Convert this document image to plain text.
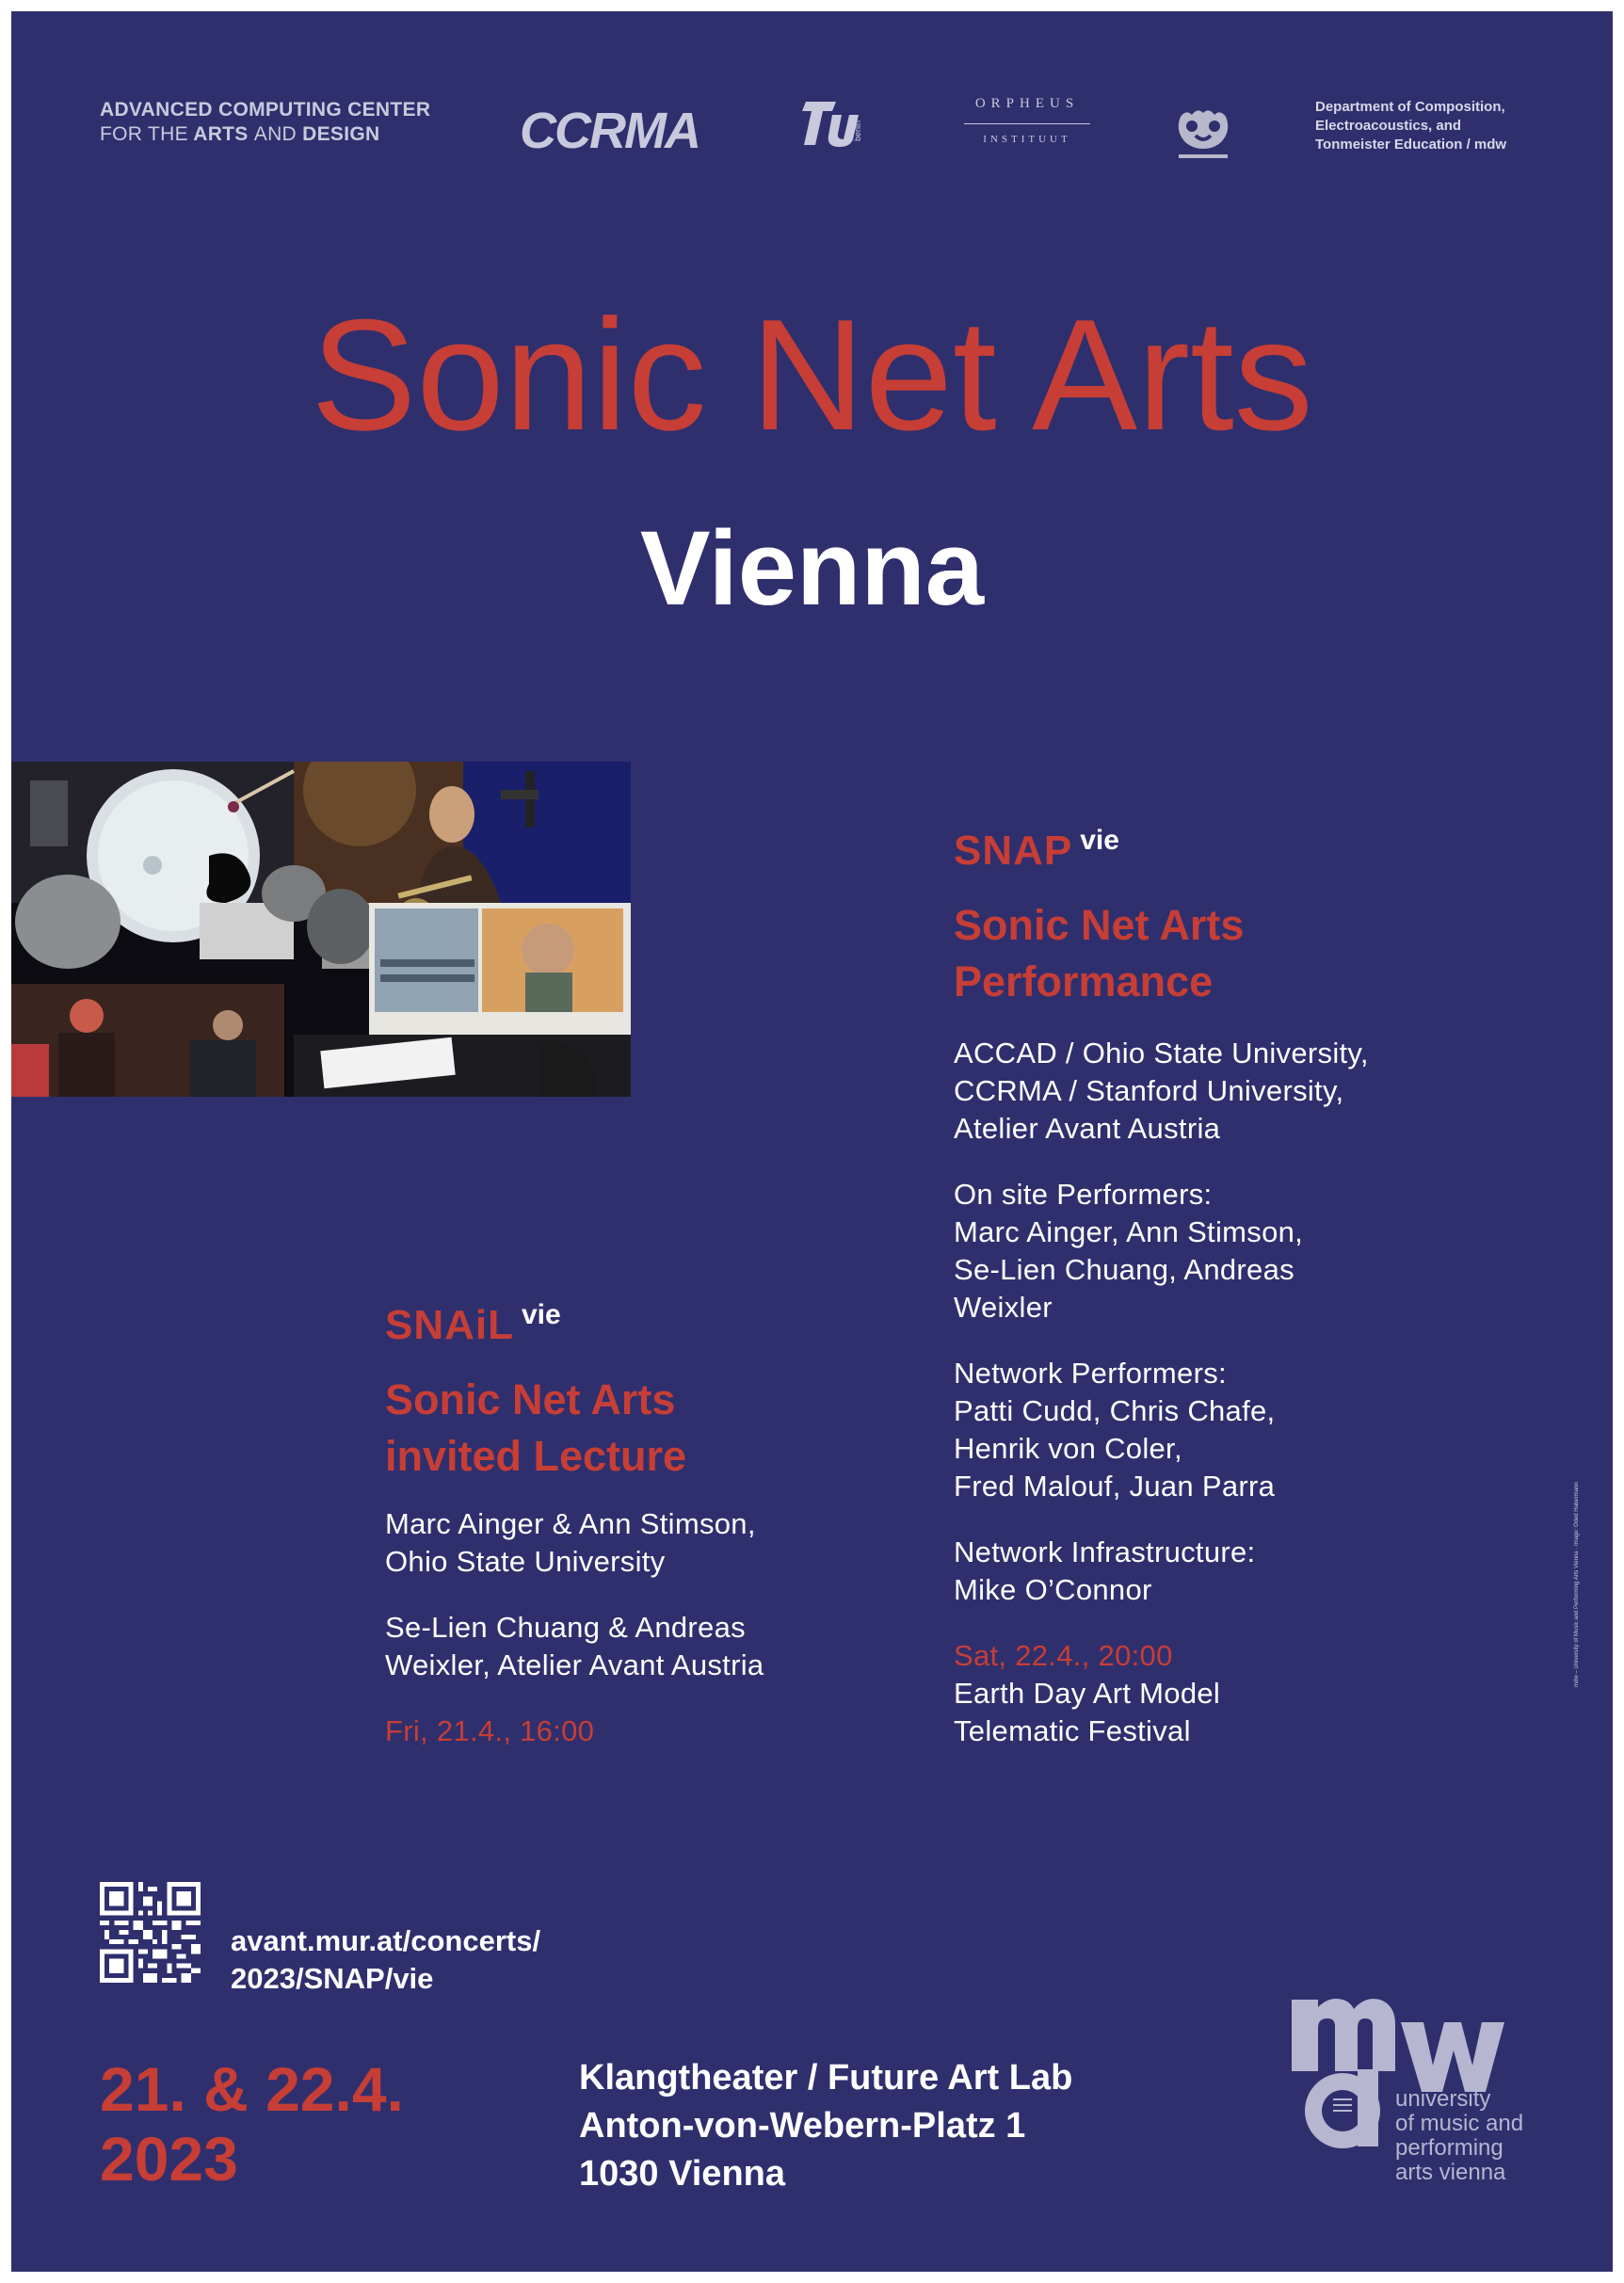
ADVANCED COMPUTING CENTER
FOR THE ARTS AND DESIGN	CCRMA	berlin
ORPHEUS
INSTITUUT
Department of Composition,
Electroacoustics, and
Tonmeister Education / mdw
Sonic Net Arts
Vienna
SNAP $^{vie}$
Sonic Net Arts
Performance

ACCAD / Ohio State University,

CCRMA / Stanford University,

Atelier Avant Austria

On site Performers:

Marc Ainger, Ann Stimson,

Se-Lien Chuang, Andreas

Weixler

Network Performers:

Patti Cudd, Chris Chafe,

Henrik von Coler,

Fred Malouf, Juan Parra

Network Infrastructure:

Mike O’Connor

Sat, 22.4., 20:00

Earth Day Art Model

Telematic Festival

SNAiL $^{vie}$
Sonic Net Arts
invited Lecture

Marc Ainger & Ann Stimson,

Ohio State University

Se-Lien Chuang & Andreas

Weixler, Atelier Avant Austria

Fri, 21.4., 16:00
mdw – University of Music and Performing Arts Vienna · Image: Oded Habermann
avant.mur.at/concerts/
2023/SNAP/vie
21. & 22.4.
2023
Klangtheater / Future Art Lab
Anton-von-Webern-Platz 1
1030 Vienna
university
of music and
performing
arts vienna
